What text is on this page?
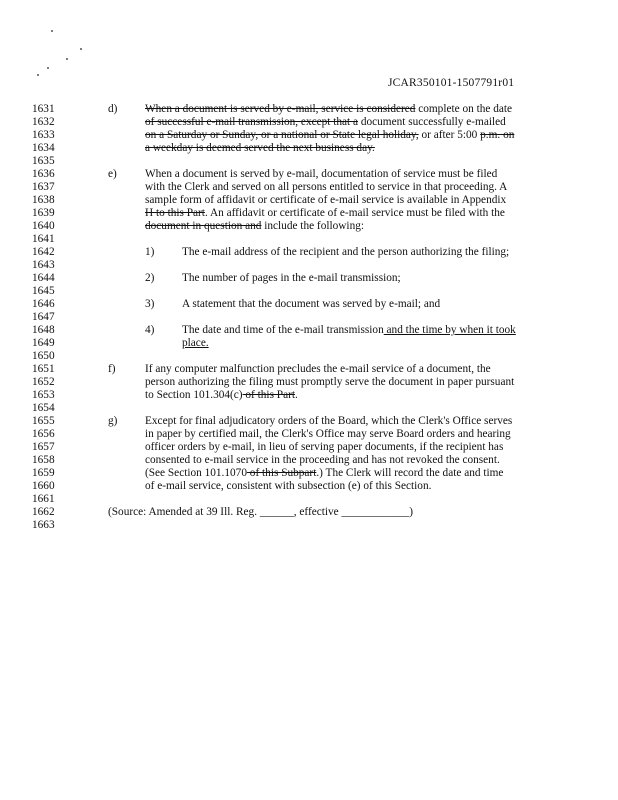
JCAR350101-1507791r01
1631
1632
1633
1634
1635
1636
1637
1638
1639
1640
1641
1642
1643
1644
1645
1646
1647
1648
1649
1650
1651
1652
1653
1654
1655
1656
1657
1658
1659
1660
1661
1662
1663
d) When a document is served by e-mail, service is considered complete on the date
of successful e-mail transmission, except that a document successfully e-mailed
on a Saturday or Sunday, or a national or State legal holiday, or after 5:00 p.m. on
a weekday is deemed served the next business day.
e) When a document is served by e-mail, documentation of service must be filed
with the Clerk and served on all persons entitled to service in that proceeding. A
sample form of affidavit or certificate of e-mail service is available in Appendix
H to this Part. An affidavit or certificate of e-mail service must be filed with the
document in question and include the following:
1) The e-mail address of the recipient and the person authorizing the filing;
2) The number of pages in the e-mail transmission;
3) A statement that the document was served by e-mail; and
4) The date and time of the e-mail transmission and the time by when it took
place.
f)	If any computer malfunction precludes the e-mail service of a document, the
person authorizing the filing must promptly serve the document in paper pursuant
to Section 101.304(c) of this Part.
g) Except for final adjudicatory orders of the Board, which the Clerk's Office serves
in paper by certified mail, the Clerk's Office may serve Board orders and hearing
officer orders by e-mail, in lieu of serving paper documents, if the recipient has
consented to e-mail service in the proceeding and has not revoked the consent.
(See Section 101.1070 of this Subpart.) The Clerk will record the date and time
of e-mail service, consistent with subsection (e) of this Section.
(Source: Amended at 39 Ill. Reg. ______, effective ____________)
